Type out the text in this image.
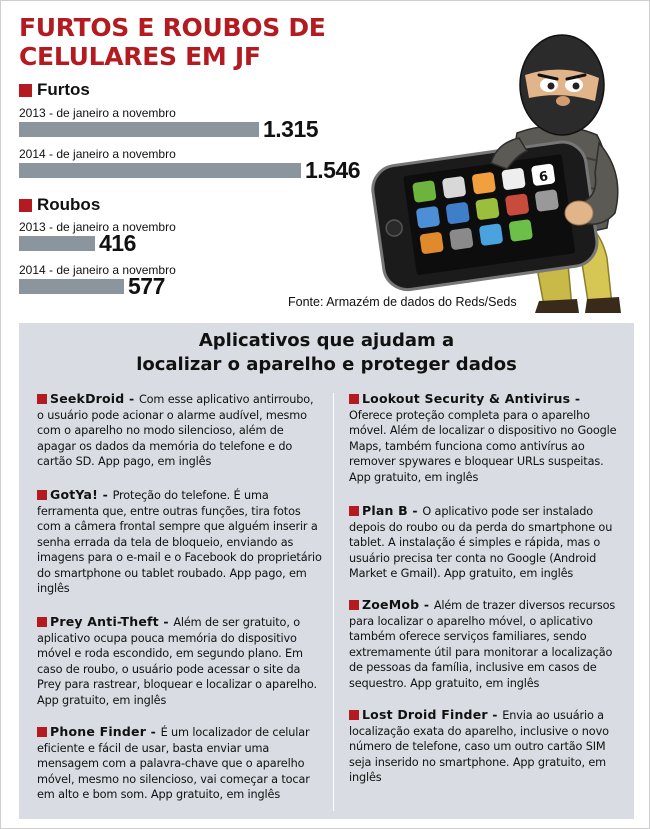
FURTOS E ROUBOS DE CELULARES EM JF
Furtos
2013 - de janeiro a novembro
1.315
2014 - de janeiro a novembro
1.546
Roubos
2013 - de janeiro a novembro
416
2014 - de janeiro a novembro
577
6
Fonte: Armazém de dados do Reds/Seds
Aplicativos que ajudam a
localizar o aparelho e proteger dados
SeekDroid - Com esse aplicativo antirroubo, o usuário pode acionar o alarme audível, mesmo com o aparelho no modo silencioso, além de apagar os dados da memória do telefone e do cartão SD. App pago, em inglês
GotYa! - Proteção do telefone. É uma ferramenta que, entre outras funções, tira fotos com a câmera frontal sempre que alguém inserir a senha errada da tela de bloqueio, enviando as imagens para o e-mail e o Facebook do proprietário do smartphone ou tablet roubado. App pago, em inglês
Prey Anti-Theft - Além de ser gratuito, o aplicativo ocupa pouca memória do dispositivo móvel e roda escondido, em segundo plano. Em caso de roubo, o usuário pode acessar o site da Prey para rastrear, bloquear e localizar o aparelho. App gratuito, em inglês
Phone Finder - É um localizador de celular eficiente e fácil de usar, basta enviar uma mensagem com a palavra-chave que o aparelho móvel, mesmo no silencioso, vai começar a tocar em alto e bom som. App gratuito, em inglês
Lookout Security & Antivirus - Oferece proteção completa para o aparelho móvel. Além de localizar o dispositivo no Google Maps, também funciona como antivírus ao remover spywares e bloquear URLs suspeitas. App gratuito, em inglês
Plan B - O aplicativo pode ser instalado depois do roubo ou da perda do smartphone ou tablet. A instalação é simples e rápida, mas o usuário precisa ter conta no Google (Android Market e Gmail). App gratuito, em inglês
ZoeMob - Além de trazer diversos recursos para localizar o aparelho móvel, o aplicativo também oferece serviços familiares, sendo extremamente útil para monitorar a localização de pessoas da família, inclusive em casos de sequestro. App gratuito, em inglês
Lost Droid Finder - Envia ao usuário a localização exata do aparelho, inclusive o novo número de telefone, caso um outro cartão SIM seja inserido no smartphone. App gratuito, em inglês
